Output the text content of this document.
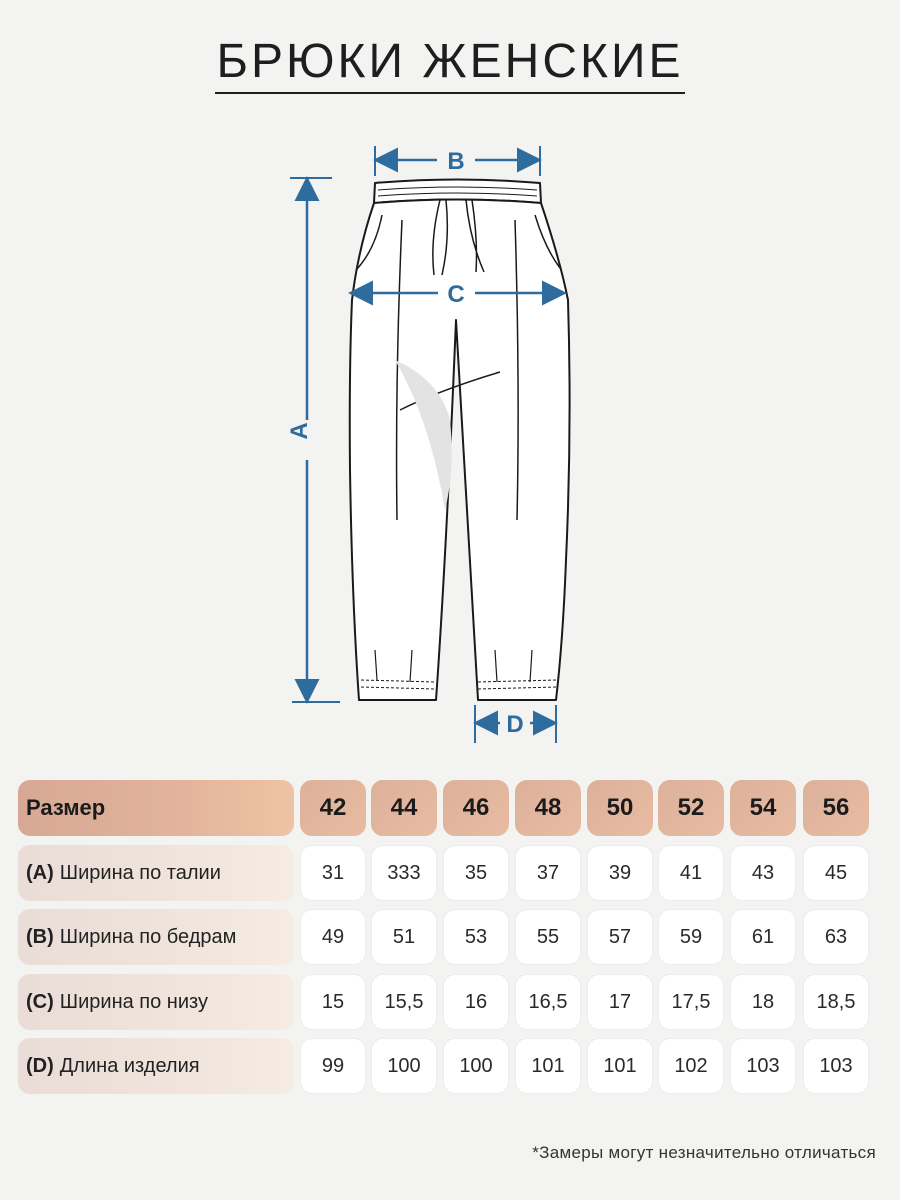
БРЮКИ ЖЕНСКИЕ
B
C
A
D
Размер	42	44	46	48	50	52	54	56
(A) Ширина по талии	31	333	35	37	39	41	43	45
(B) Ширина по бедрам	49	51	53	55	57	59	61	63
(C) Ширина по низу	15	15,5	16	16,5	17	17,5	18	18,5
(D) Длина изделия	99	100	100	101	101	102	103	103
*Замеры могут незначительно отличаться
